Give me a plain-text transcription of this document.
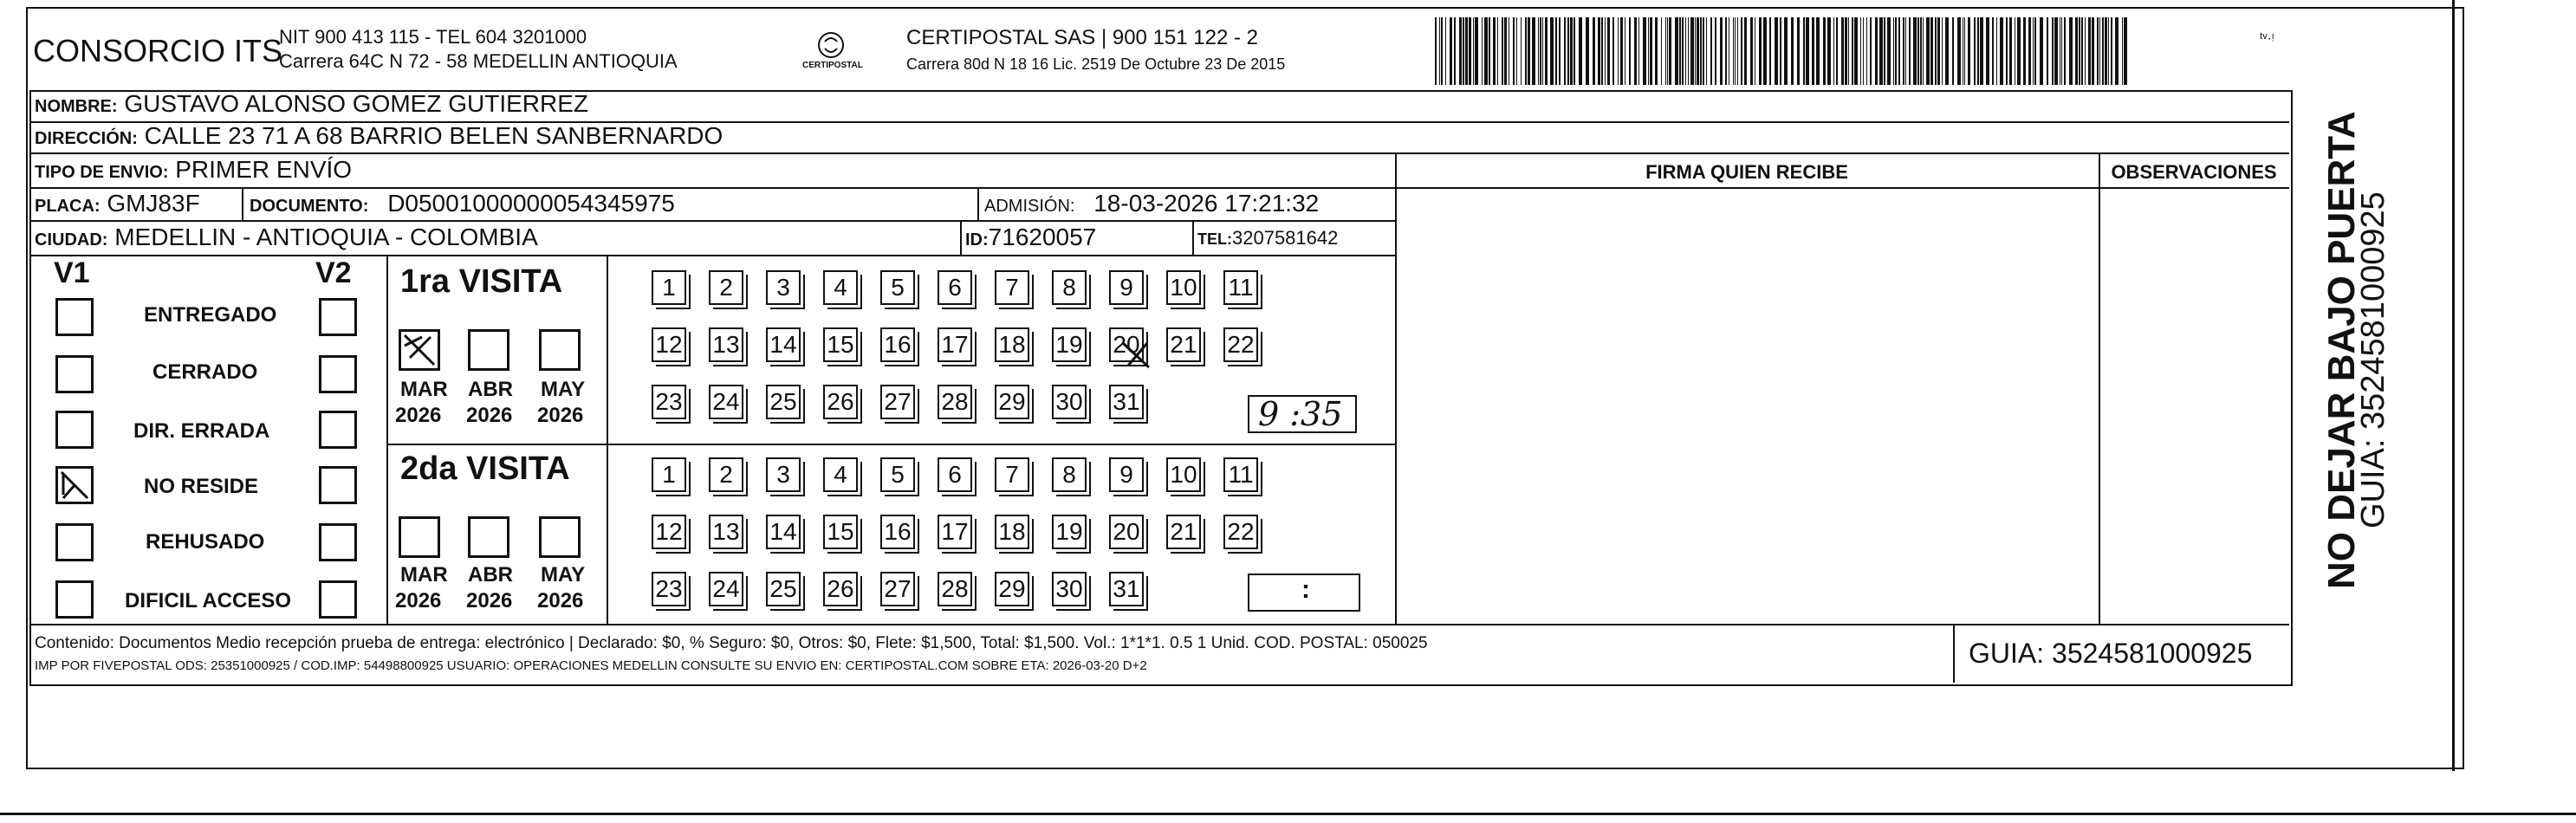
CONSORCIO ITS
NIT 900 413 115 - TEL 604 3201000
Carrera 64C N 72 - 58 MEDELLIN ANTIOQUIA	CERTIPOSTAL
CERTIPOSTAL SAS | 900 151 122 - 2
Carrera 80d N 18 16 Lic. 2519 De Octubre 23 De 2015
ᵗᵛ·ᵎ
NOMBRE: GUSTAVO ALONSO GOMEZ GUTIERREZ
DIRECCIÓN: CALLE 23 71 A 68 BARRIO BELEN SANBERNARDO
TIPO DE ENVIO: PRIMER ENVÍO
PLACA: GMJ83F	DOCUMENTO: D05001000000054345975	ADMISIÓN: 18-03-2026 17:21:32
CIUDAD: MEDELLIN - ANTIOQUIA - COLOMBIA	ID:71620057	TEL:3207581642
FIRMA QUIEN RECIBE	OBSERVACIONES
V1	V2
ENTREGADO
CERRADO
DIR. ERRADA
NO RESIDE
REHUSADO
DIFICIL ACCESO
1ra VISITA
MAR ABR MAY
2026 2026 2026
1	2	3	4	5	6	7	8	9	10 11
12 13 14 15 16 17 18 19 20 21 22
23 24 25 26 27 28 29 30 31	9 :35
2da VISITA
MAR ABR MAY
2026 2026 2026
1	2	3	4	5	6	7	8	9	10 11
12 13 14 15 16 17 18 19 20 21 22
23 24 25 26 27 28 29 30 31	:
Contenido: Documentos Medio recepción prueba de entrega: electrónico | Declarado: $0, % Seguro: $0, Otros: $0, Flete: $1,500, Total: $1,500. Vol.: 1*1*1. 0.5 1 Unid. COD. POSTAL: 050025
IMP POR FIVEPOSTAL ODS: 25351000925 / COD.IMP: 54498800925 USUARIO: OPERACIONES MEDELLIN CONSULTE SU ENVIO EN: CERTIPOSTAL.COM SOBRE ETA: 2026-03-20 D+2	GUIA: 3524581000925
NO DEJAR BAJO PUERTA
GUIA: 3524581000925
